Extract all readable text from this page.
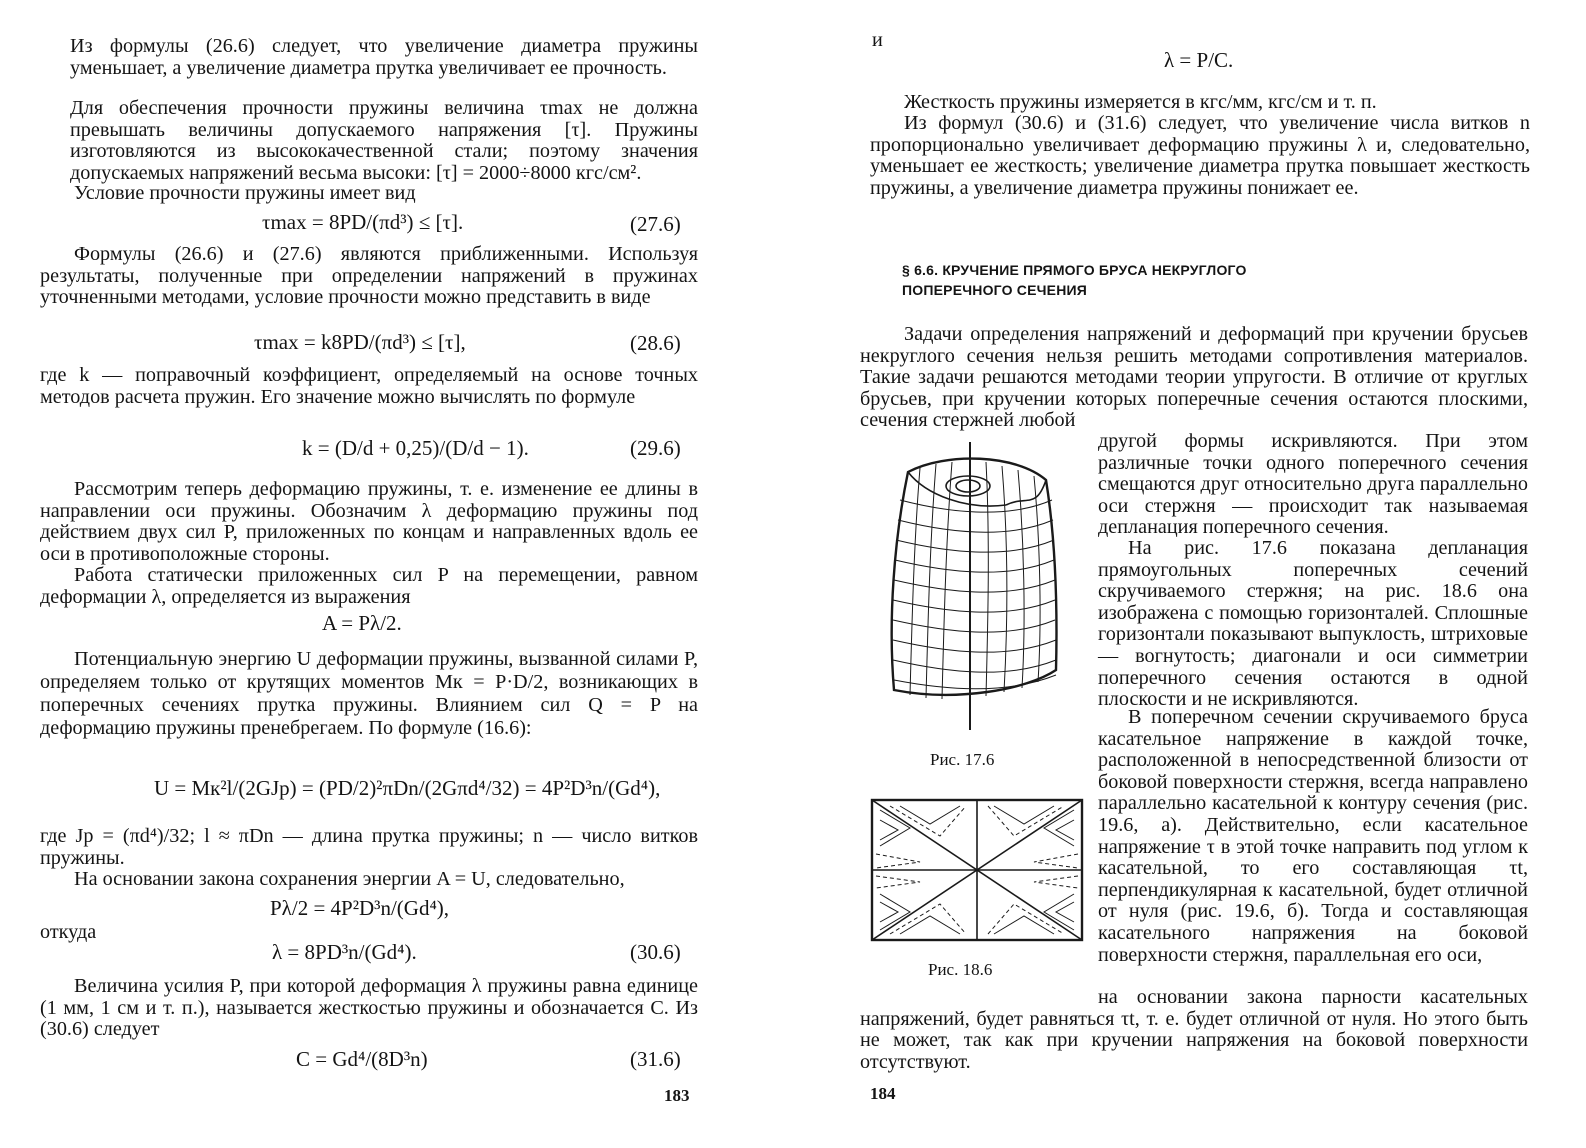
Из формулы (26.6) следует, что увеличение диаметра пружины уменьшает, а увеличение диаметра прутка увеличивает ее прочность.
Для обеспечения прочности пружины величина τmax не должна превышать величины допускаемого напряжения [τ]. Пружины изготовляются из высококачественной стали; поэтому значения допускаемых напряжений весьма высоки: [τ] = 2000÷8000 кгс/см².
Условие прочности пружины имеет вид
τmax = 8PD/(πd³) ≤ [τ].	(27.6)
Формулы (26.6) и (27.6) являются приближенными. Используя результаты, полученные при определении напряжений в пружинах уточненными методами, условие прочности можно представить в виде
τmax = k8PD/(πd³) ≤ [τ],	(28.6)
где k — поправочный коэффициент, определяемый на основе точных методов расчета пружин. Его значение можно вычислять по формуле
k = (D/d + 0,25)/(D/d − 1).	(29.6)
Рассмотрим теперь деформацию пружины, т. е. изменение ее длины в направлении оси пружины. Обозначим λ деформацию пружины под действием двух сил P, приложенных по концам и направленных вдоль ее оси в противоположные стороны.
Работа статически приложенных сил P на перемещении, равном деформации λ, определяется из выражения
A = Pλ/2.
Потенциальную энергию U деформации пружины, вызванной силами P, определяем только от крутящих моментов Mк = P·D/2, возникающих в поперечных сечениях прутка пружины. Влиянием сил Q = P на деформацию пружины пренебрегаем. По формуле (16.6):
U = Mк²l/(2GJp) = (PD/2)²πDn/(2Gπd⁴/32) = 4P²D³n/(Gd⁴),
где Jp = (πd⁴)/32; l ≈ πDn — длина прутка пружины; n — число витков пружины.
На основании закона сохранения энергии A = U, следовательно,
Pλ/2 = 4P²D³n/(Gd⁴),
откуда
λ = 8PD³n/(Gd⁴).	(30.6)
Величина усилия P, при которой деформация λ пружины равна единице (1 мм, 1 см и т. п.), называется жесткостью пружины и обозначается C. Из (30.6) следует
C = Gd⁴/(8D³n)	(31.6)
183
и
λ = P/C.
Жесткость пружины измеряется в кгс/мм, кгс/см и т. п.
Из формул (30.6) и (31.6) следует, что увеличение числа витков n пропорционально увеличивает деформацию пружины λ и, следовательно, уменьшает ее жесткость; увеличение диаметра прутка повышает жесткость пружины, а увеличение диаметра пружины понижает ее.
§ 6.6. КРУЧЕНИЕ ПРЯМОГО БРУСА НЕКРУГЛОГО
ПОПЕРЕЧНОГО СЕЧЕНИЯ
Задачи определения напряжений и деформаций при кручении брусьев некруглого сечения нельзя решить методами сопротивления материалов. Такие задачи решаются методами теории упругости. В отличие от круглых брусьев, при кручении которых поперечные сечения остаются плоскими, сечения стержней любой
другой формы искривляются. При этом различные точки одного поперечного сечения смещаются друг относительно друга параллельно оси стержня — происходит так называемая депланация поперечного сечения.
На рис. 17.6 показана депланация прямоугольных поперечных сечений скручиваемого стержня; на рис. 18.6 она изображена с помощью горизонталей. Сплошные горизонтали показывают выпуклость, штриховые — вогнутость; диагонали и оси симметрии поперечного сечения остаются в одной плоскости и не искривляются.
В поперечном сечении скручиваемого бруса касательное напряжение в каждой точке, расположенной в непосредственной близости от боковой поверхности стержня, всегда направлено параллельно касательной к контуру сечения (рис. 19.6, а). Действительно, если касательное напряжение τ в этой точке направить под углом к касательной, то его составляющая τt, перпендикулярная к касательной, будет отличной от нуля (рис. 19.6, б). Тогда и составляющая касательного напряжения на боковой поверхности стержня, параллельная его оси,
на основании закона парности касательных напряжений, будет равняться τt, т. е. будет отличной от нуля. Но этого быть не может, так как при кручении напряжения на боковой поверхности отсутствуют.
Рис. 17.6
Рис. 18.6
184
